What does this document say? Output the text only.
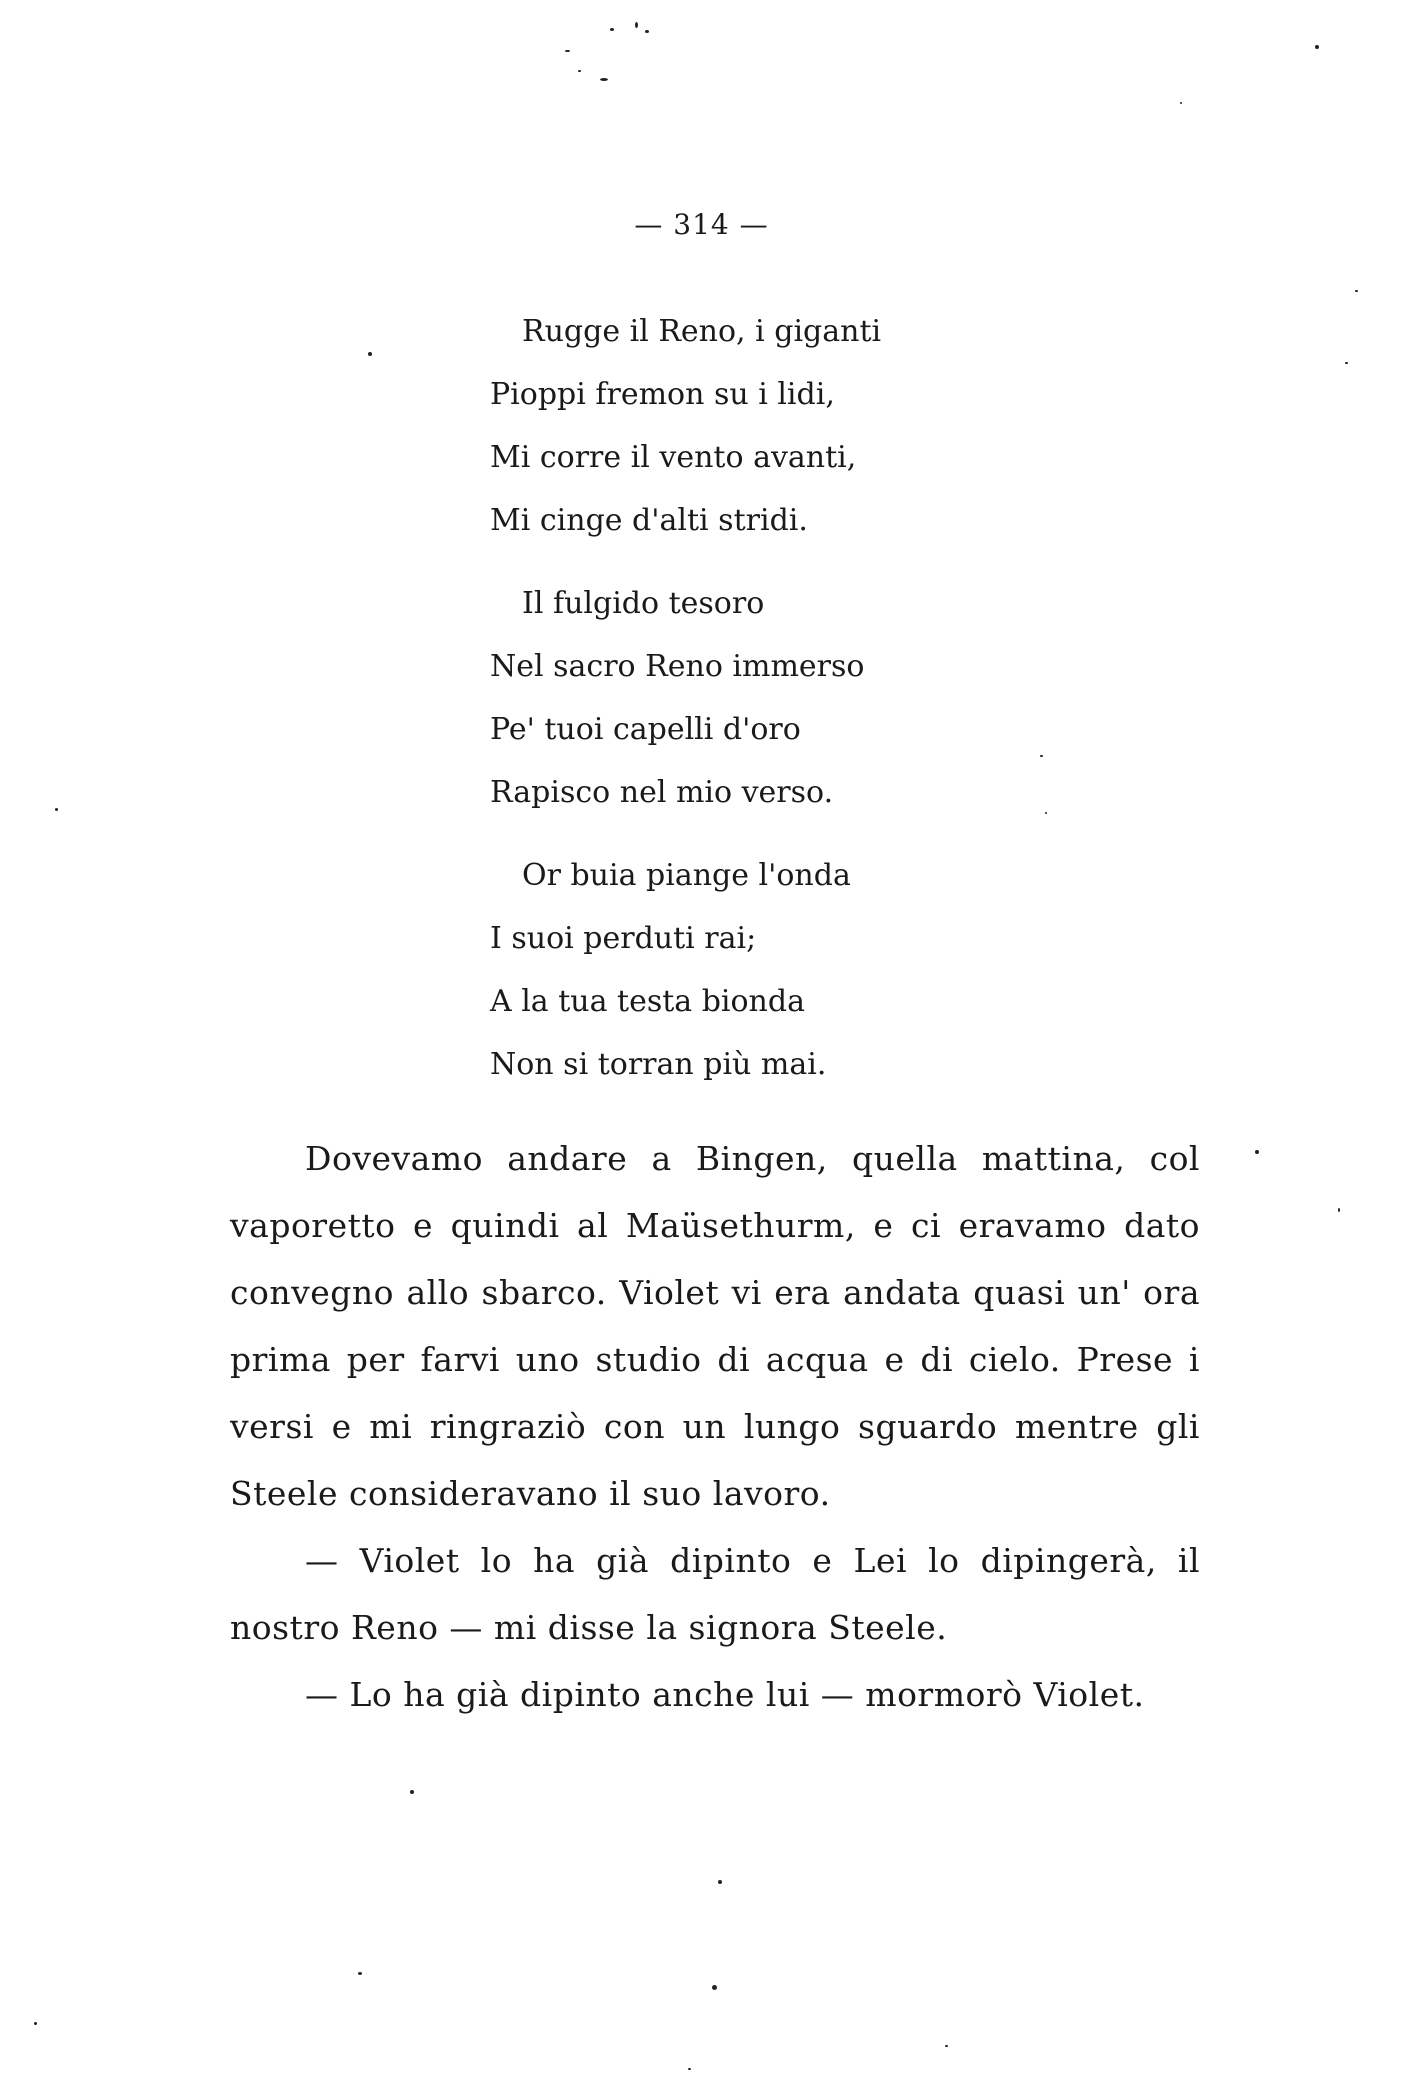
— 314 —
Rugge il Reno, i giganti
Pioppi fremon su i lidi,
Mi corre il vento avanti,
Mi cinge d'alti stridi.
Il fulgido tesoro
Nel sacro Reno immerso
Pe' tuoi capelli d'oro
Rapisco nel mio verso.
Or buia piange l'onda
I suoi perduti rai;
A la tua testa bionda
Non si torran più mai.

Dovevamo andare a Bingen, quella mattina, col vaporetto e quindi al Maüsethurm, e ci eravamo dato convegno allo sbarco. Violet vi era andata quasi un' ora prima per farvi uno studio di acqua e di cielo. Prese i versi e mi ringraziò con un lungo sguardo mentre gli Steele consideravano il suo lavoro.

— Violet lo ha già dipinto e Lei lo dipingerà, il nostro Reno — mi disse la signora Steele.

— Lo ha già dipinto anche lui — mormorò Violet.
